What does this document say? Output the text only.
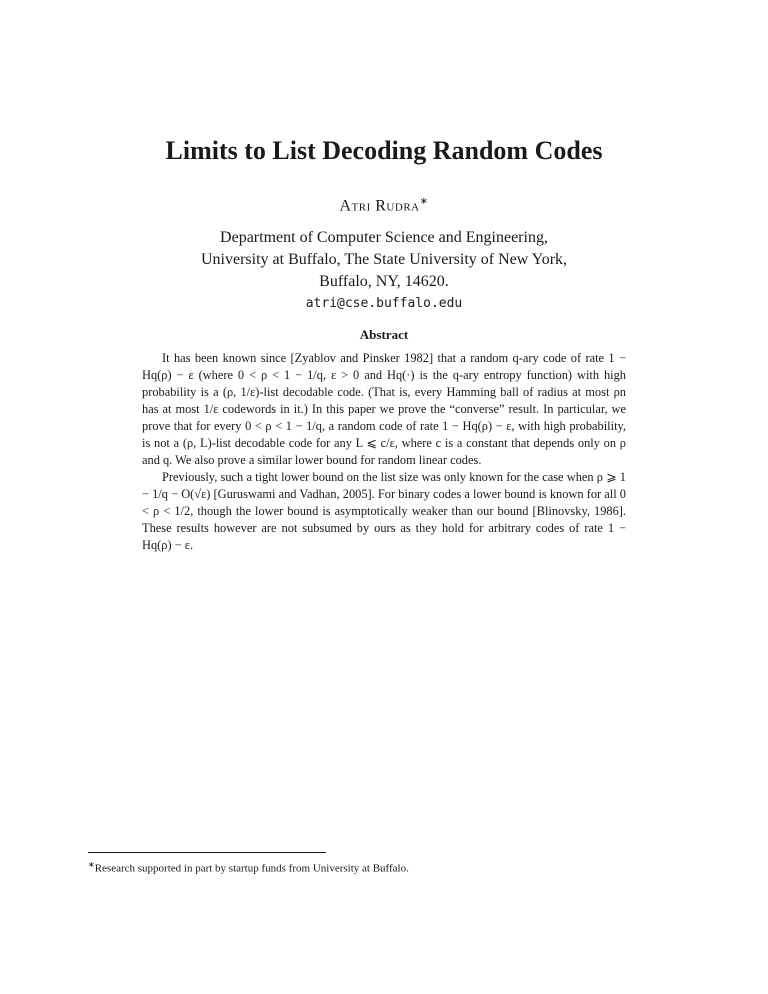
Limits to List Decoding Random Codes
Atri Rudra∗
Department of Computer Science and Engineering,
University at Buffalo, The State University of New York,
Buffalo, NY, 14620.
atri@cse.buffalo.edu
Abstract

It has been known since [Zyablov and Pinsker 1982] that a random q-ary code of rate 1 − Hq(ρ) − ε (where 0 < ρ < 1 − 1/q, ε > 0 and Hq(·) is the q-ary entropy function) with high probability is a (ρ, 1/ε)-list decodable code. (That is, every Hamming ball of radius at most ρn has at most 1/ε codewords in it.) In this paper we prove the “converse” result. In particular, we prove that for every 0 < ρ < 1 − 1/q, a random code of rate 1 − Hq(ρ) − ε, with high probability, is not a (ρ, L)-list decodable code for any L ⩽ c/ε, where c is a constant that depends only on ρ and q. We also prove a similar lower bound for random linear codes.

Previously, such a tight lower bound on the list size was only known for the case when ρ ⩾ 1 − 1/q − O(√ε) [Guruswami and Vadhan, 2005]. For binary codes a lower bound is known for all 0 < ρ < 1/2, though the lower bound is asymptotically weaker than our bound [Blinovsky, 1986]. These results however are not subsumed by ours as they hold for arbitrary codes of rate 1 − Hq(ρ) − ε.

∗Research supported in part by startup funds from University at Buffalo.
